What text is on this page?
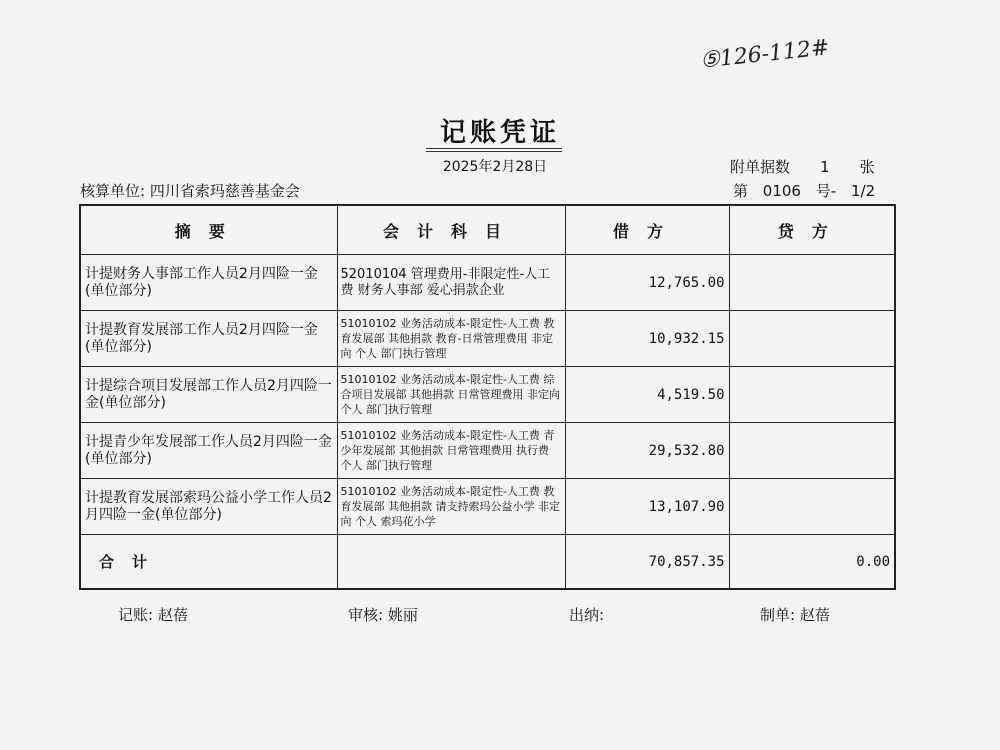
⑤126-112#
记账凭证
2025年2月28日	附单据数 1 张
核算单位: 四川省索玛慈善基金会	第 0106 号- 1/2
摘要	会计科目	借方	贷方
计提财务人事部工作人员2月四险一金(单位部分)	52010104 管理费用-非限定性-人工费 财务人事部 爱心捐款企业	12,765.00	
计提教育发展部工作人员2月四险一金(单位部分)	51010102 业务活动成本-限定性-人工费 教育发展部 其他捐款 教育-日常管理费用 非定向 个人 部门执行管理	10,932.15	
计提综合项目发展部工作人员2月四险一金(单位部分)	51010102 业务活动成本-限定性-人工费 综合项目发展部 其他捐款 日常管理费用 非定向 个人 部门执行管理	4,519.50	
计提青少年发展部工作人员2月四险一金(单位部分)	51010102 业务活动成本-限定性-人工费 青少年发展部 其他捐款 日常管理费用 执行费 个人 部门执行管理	29,532.80	
计提教育发展部索玛公益小学工作人员2月四险一金(单位部分)	51010102 业务活动成本-限定性-人工费 教育发展部 其他捐款 请支持索玛公益小学 非定向 个人 索玛花小学	13,107.90	
合计		70,857.35	0.00
记账: 赵蓓	审核: 姚丽	出纳:	制单: 赵蓓
